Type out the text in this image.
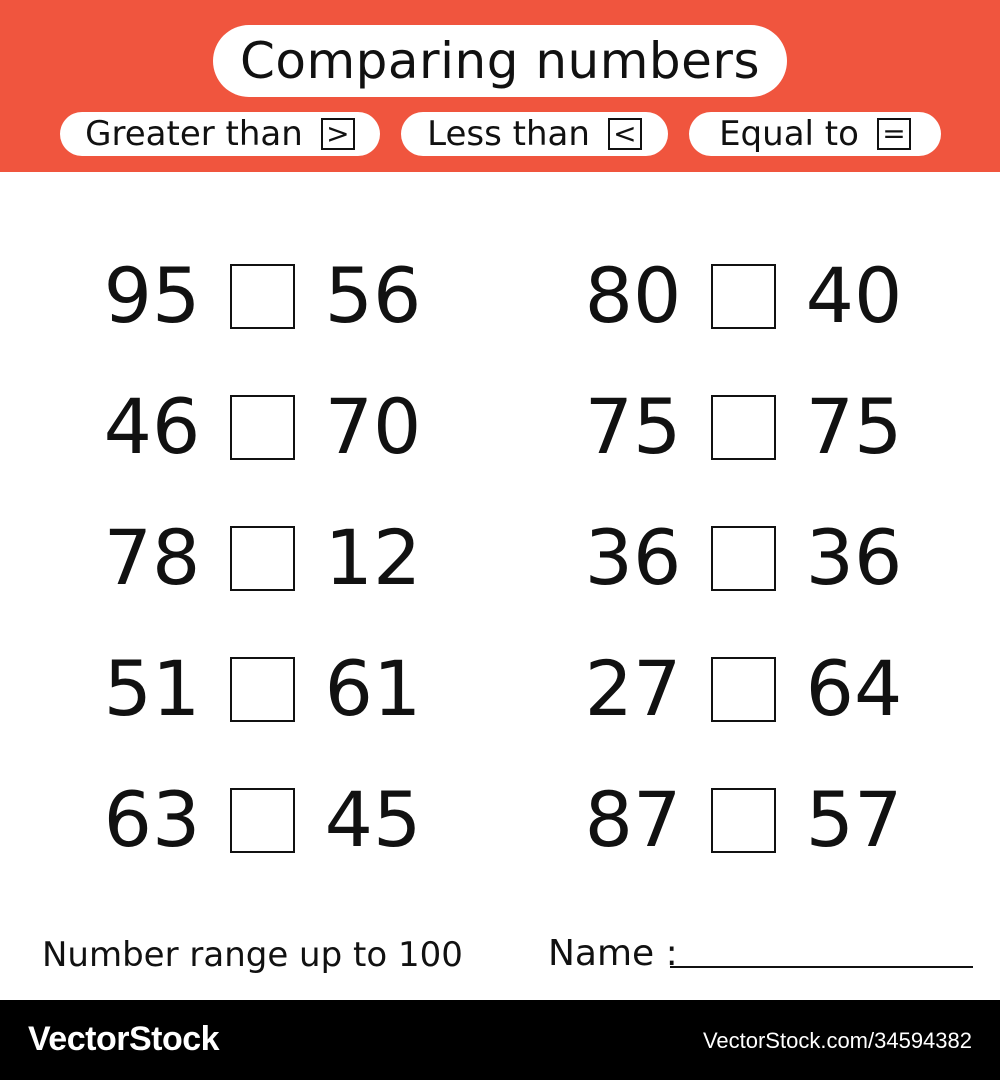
Comparing numbers
Greater than > Less than < Equal to =
95 56
46 70
78 12
51 61
63 45
80 40
75 75
36 36
27 64
87 57
Number range up to 100 Name :
VectorStock	VectorStock.com/34594382
